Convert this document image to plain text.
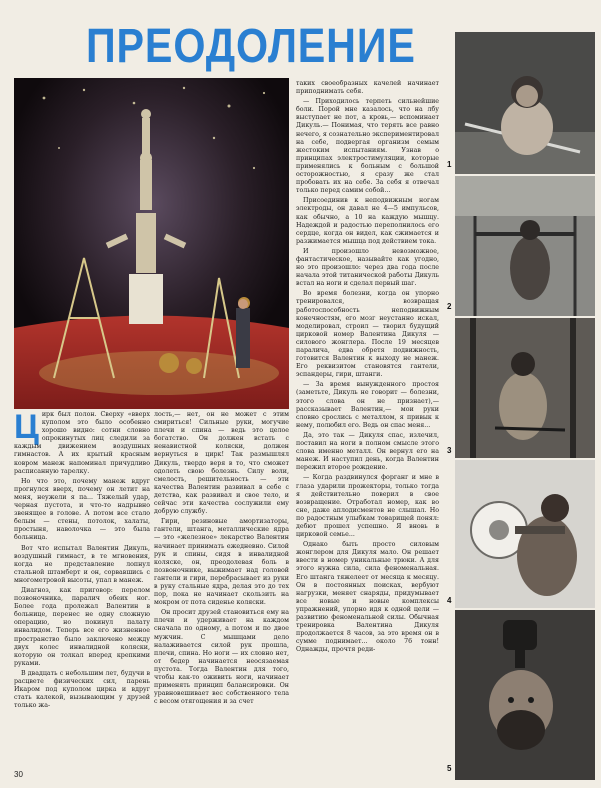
ПРЕОДОЛЕНИЕ

Цирк был полон. Сверху «вверх куполом это было особенно хорошо видно: сотни словно опрокинутых лиц следили за каждым движением воздушных гимнастов. А их крытый красным ковром манеж напоминал причудливо расписанную тарелку.

Но что это, почему манеж вдруг прогнулся вверх, почему он летит на меня, неужели я па... Тяжелый удар, черная пустота, и что-то надрывно звенящее в голове. А потом все стало белым — стены, потолок, халаты, простыня, наволочка — это была больница.

Вот что испытал Валентин Дикуль, воздушный гимнаст, в те мгновения, когда не представление лопнул стальной штамберт и он, сорвавшись с многометровой высоты, упал в манеж.

Диагноз, как приговор: перелом позвоночника, паралич обеих ног. Более года пролежал Валентин в больнице, перенес не одну сложную операцию, но покинул палату инвалидом. Теперь все его жизненное пространство было заключено между двух колес инвалидной коляски, которую он толкал вперед крепкими руками.

В двадцать с небольшим лет, будучи в расцвете физических сил, парень Икаром под куполом цирка и вдруг стать калекой, вызывающим у друзей только жа-

лость,— нет, он не может с этим смириться! Сильные руки, могучие плечи и спина — ведь это целое богатство. Он должен встать с ненавистной коляски, должен вернуться в цирк! Так размышлял Дикуль, твердо веря в то, что сможет одолеть свою болезнь. Силу воли, смелость, решительность — эти качества Валентин развивал в себе с детства, как развивал и свое тело, и сейчас эти качества сослужили ему добрую службу.

Гири, резиновые амортизаторы, гантели, штанга, металлические ядра — это «железное» лекарство Валентин начинает принимать ежедневно. Силой рук и спины, сидя в инвалидной коляске, он, преодолевая боль в позвоночнике, выжимает над головой гантели и гири, перебрасывает из руки в руку стальные ядра, делая это до тех пор, пока не начинает скользить на мокром от пота сиденье коляски.

Он просит друзей становиться ему на плечи и удерживает на каждом сначала по одному, а потом и по двое мужчин. С мышцами дело налаживается силой рук прошла, плечи, спина. Но ноги — их словно нет, от бедер начинается неосязаемая пустота. Тогда Валентин для того, чтобы как-то оживить ноги, начинает применять принцип балансировки. Он уравновешивает вес собственного тела с весом отягощения и за счет

таких своеобразных качелей начинает приподнимать себя.

— Приходилось терпеть сильнейшие боли. Порой мне казалось, что на лбу выступает не пот, а кровь,— вспоминает Дикуль.— Понимая, что терять все равно нечего, я сознательно экспериментировал на себе, подвергая организм семым жестоким испытаниям. Узнав о принципах электростимуляции, которые применялись к больным с большой осторожностью, я сразу же стал пробовать их на себе. За себя я отвечал только перед самим собой...

Присоединив к неподвижным ногам электроды, он давал не 4—5 импульсов, как обычно, а 10 на каждую мышцу. Надеждой и радостью переполнилось его сердце, когда он видел, как сжимается и разжимается мышца под действием тока.

И произошло невозможное, фантастическое, называйте как угодно, но это произошло: через два года после начала этой титанической работы Дикуль встал на ноги и сделал первый шаг.

Во время болезни, когда он упорно тренировался, возвращая работоспособность неподвижным конечностям, его мозг неустанно искал, моделировал, строил — творил будущий цирковой номер Валентина Дикуля — силового жонглера. После 19 месяцев паралича, едва обретя подвижность, готовится Валентин к выходу не манеж. Его реквизитом становятся гантели, эспандеры, гири, штанги.

— За время вынужденного простоя (заметьте, Дикуль не говорит — болезни, этого слова он не признает),— рассказывает Валентин,— мои руки словно срослись с металлом, я привык к нему, полюбил его. Ведь он спас меня...

Да, это так — Дикуля спас, излечил, поставил на ноги в полном смысле этого слова именно металл. Он вернул его на манеж. И наступил день, когда Валентин пережил второе рождение.

— Когда раздвинулся форганг и мне в глаза ударили прожекторы, только тогда я действительно поверил в свое возвращение. Отработал номер, как во сне, даже аплодисментов не слышал. Но по радостным улыбкам товарищей понял: дебют прошел успешно. Я вновь в цирковой семье...

Однако быть просто силовым жонглером для Дикуля мало. Он решает ввести в номер уникальные трюки. А для этого нужна сила, сила феноменальная. Его штанга тяжелеет от месяца к месяцу. Он в постоянных поисках, вербуют нагрузки, меняет снаряды, придумывает все новые и новые комплексы упражнений, упорно идя к одной цели — развитию феноменальной силы. Обычная тренировка Валентина Дикуля продолжается 8 часов, за это время он в сумме поднимает... около 76 тонн! Однажды, прочтя реди-

1
2
3
4
5
30
